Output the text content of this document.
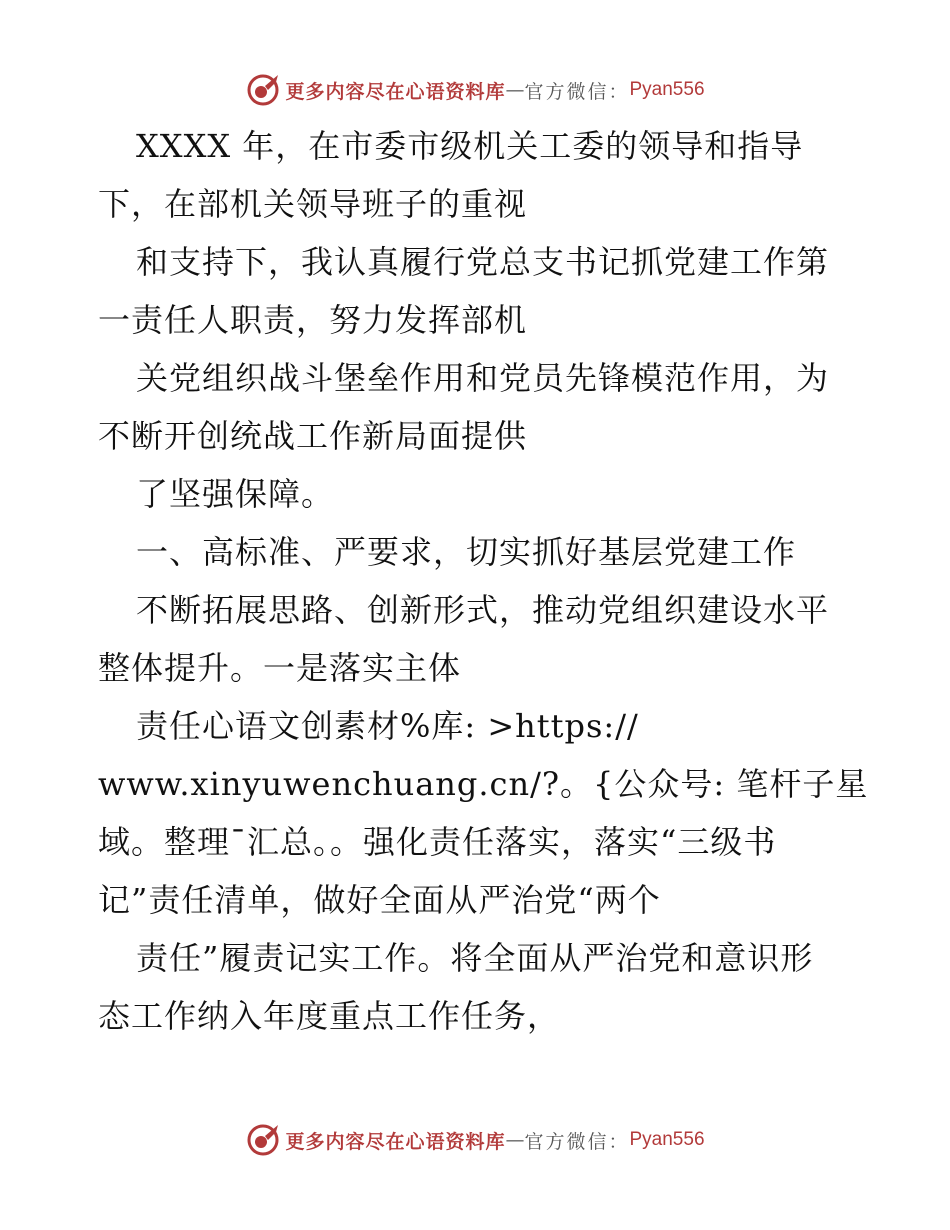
更多内容尽在心语资料库 — 官方微信： Pyan556
XXXX 年，在市委市级机关工委的领导和指导
下，在部机关领导班子的重视
和支持下，我认真履行党总支书记抓党建工作第
一责任人职责，努力发挥部机
关党组织战斗堡垒作用和党员先锋模范作用，为
不断开创统战工作新局面提供
了坚强保障。
一、高标准、严要求，切实抓好基层党建工作
不断拓展思路、创新形式，推动党组织建设水平
整体提升。一是落实主体
责任心语文创素材%库: >https://
www.xinyuwenchuang.cn/?。{公众号: 笔杆子星
域。整理¯汇总。。强化责任落实，落实“三级书
记”责任清单，做好全面从严治党“两个
责任”履责记实工作。将全面从严治党和意识形
态工作纳入年度重点工作任务，
更多内容尽在心语资料库 — 官方微信： Pyan556
